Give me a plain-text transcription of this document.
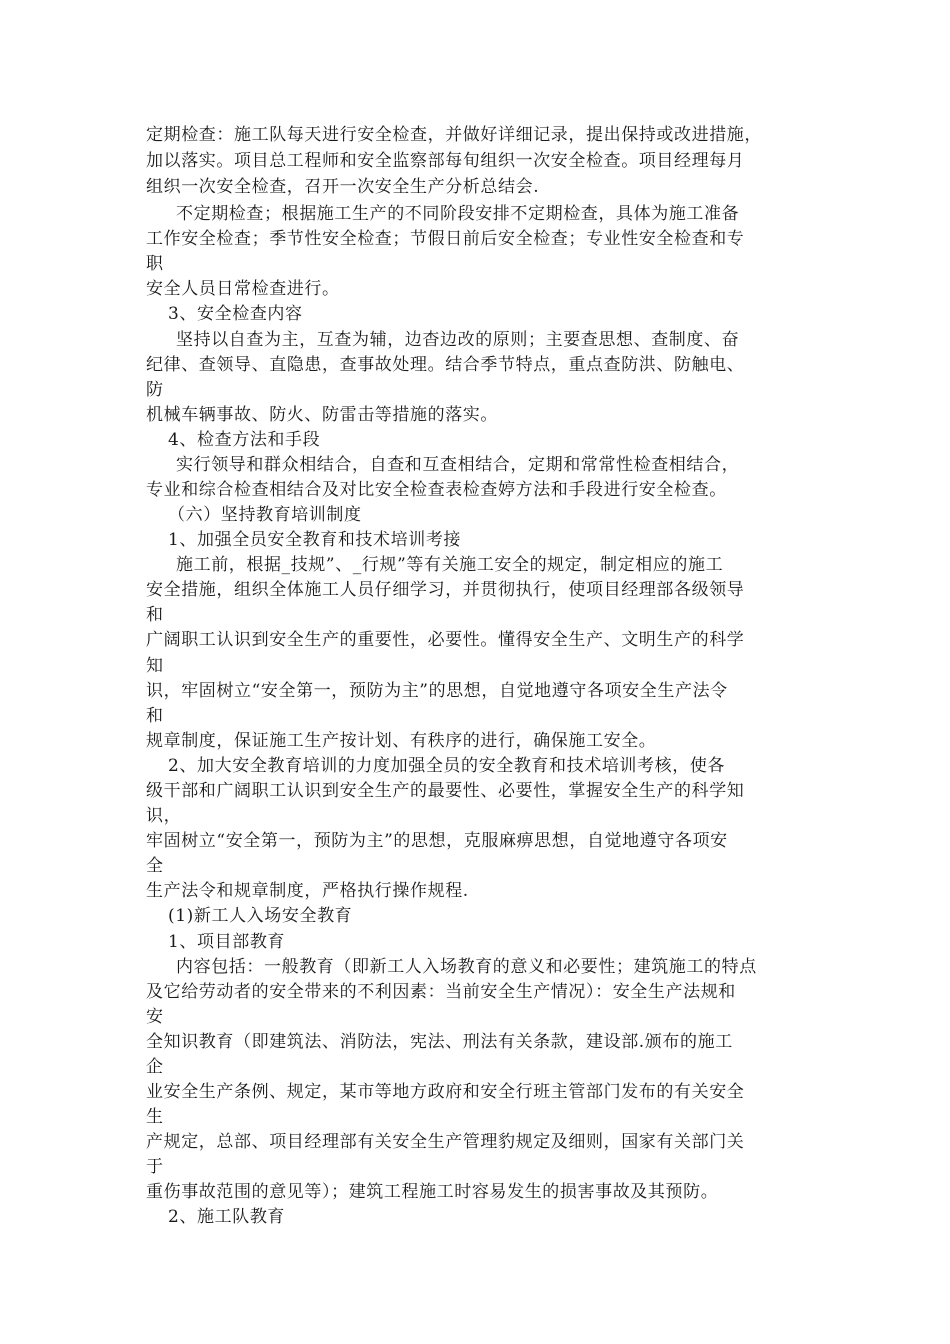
定期检查：施工队每天进行安全检查，并做好详细记录，提出保持或改进措施，
加以落实。项目总工程师和安全监察部每旬组织一次安全检查。项目经理每月
组织一次安全检查，召开一次安全生产分析总结会.
不定期检查；根据施工生产的不同阶段安排不定期检查，具体为施工准备
工作安全检查；季节性安全检查；节假日前后安全检查；专业性安全检查和专
职
安全人员日常检查进行。
3、安全检查内容
坚持以自查为主，互查为辅，边杳边改的原则；主要查思想、查制度、奋
纪律、查领导、直隐患，查事故处理。结合季节特点，重点查防洪、防触电、
防
机械车辆事故、防火、防雷击等措施的落实。
4、检查方法和手段
实行领导和群众相结合，自查和互查相结合，定期和常常性检查相结合，
专业和综合检查相结合及对比安全检查表检查婷方法和手段进行安全检查。
（六）坚持教育培训制度
1、加强全员安全教育和技术培训考接
施工前，根据_技规”、_行规”等有关施工安全的规定，制定相应的施工
安全措施，组织全体施工人员仔细学习，并贯彻执行，使项目经理部各级领导
和
广阔职工认识到安全生产的重要性，必要性。懂得安全生产、文明生产的科学
知
识，牢固树立“安全第一，预防为主”的思想，自觉地遵守各项安全生产法令
和
规章制度，保证施工生产按计划、有秩序的进行，确保施工安全。
2、加大安全教育培训的力度加强全员的安全教育和技术培训考核，使各
级干部和广阔职工认识到安全生产的最要性、必要性，掌握安全生产的科学知
识，
牢固树立“安全第一，预防为主”的思想，克服麻痹思想，自觉地遵守各项安
全
生产法令和规章制度，严格执行操作规程.
(1)新工人入场安全教育
1、项目部教育
内容包括：一般教育（即新工人入场教育的意义和必要性；建筑施工的特点
及它给劳动者的安全带来的不利因素：当前安全生产情况）：安全生产法规和
安
全知识教育（即建筑法、消防法，宪法、刑法有关条款，建设部.颁布的施工
企
业安全生产条例、规定，某市等地方政府和安全行班主管部门发布的有关安全
生
产规定，总部、项目经理部有关安全生产管理豹规定及细则，国家有关部门关
于
重伤事故范围的意见等）；建筑工程施工时容易发生的损害事故及其预防。
2、施工队教育
